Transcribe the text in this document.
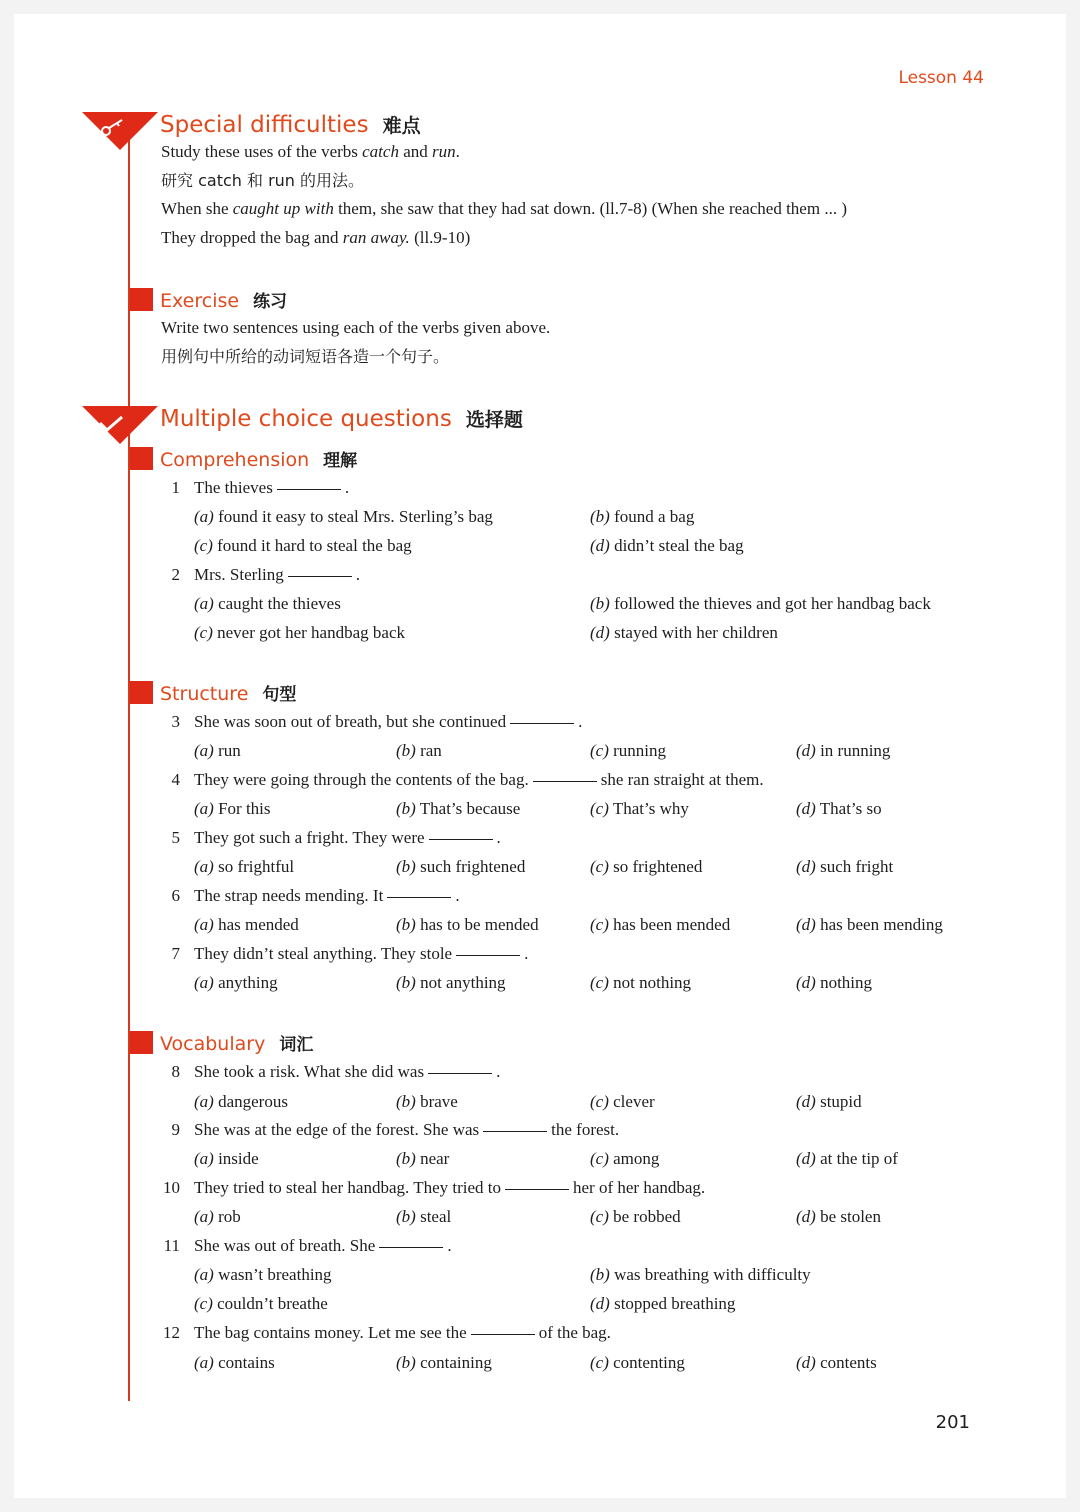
Lesson 44
Special difficulties 难点
Study these uses of the verbs catch and run.
研究 catch 和 run 的用法。
When she caught up with them, she saw that they had sat down. (ll.7-8) (When she reached them ... )
They dropped the bag and ran away. (ll.9-10)
Exercise 练习
Write two sentences using each of the verbs given above.
用例句中所给的动词短语各造一个句子。
Multiple choice questions 选择题
Comprehension 理解
1 The thieves	.
(a) found it easy to steal Mrs. Sterling’s bag	(b) found a bag
(c) found it hard to steal the bag	(d) didn’t steal the bag
2 Mrs. Sterling	.
(a) caught the thieves	(b) followed the thieves and got her handbag back
(c) never got her handbag back	(d) stayed with her children
Structure 句型
3 She was soon out of breath, but she continued	.
(a) run	(b) ran	(c) running	(d) in running
4 They were going through the contents of the bag.	she ran straight at them.
(a) For this	(b) That’s because	(c) That’s why	(d) That’s so
5 They got such a fright. They were	.
(a) so frightful	(b) such frightened	(c) so frightened	(d) such fright
6 The strap needs mending. It	.
(a) has mended	(b) has to be mended	(c) has been mended	(d) has been mending
7 They didn’t steal anything. They stole	.
(a) anything	(b) not anything	(c) not nothing	(d) nothing
Vocabulary 词汇
8 She took a risk. What she did was	.
(a) dangerous	(b) brave	(c) clever	(d) stupid
9 She was at the edge of the forest. She was	the forest.
(a) inside	(b) near	(c) among	(d) at the tip of
10 They tried to steal her handbag. They tried to	her of her handbag.
(a) rob	(b) steal	(c) be robbed	(d) be stolen
11 She was out of breath. She	.
(a) wasn’t breathing	(b) was breathing with difficulty
(c) couldn’t breathe	(d) stopped breathing
12 The bag contains money. Let me see the	of the bag.
(a) contains	(b) containing	(c) contenting	(d) contents
201
